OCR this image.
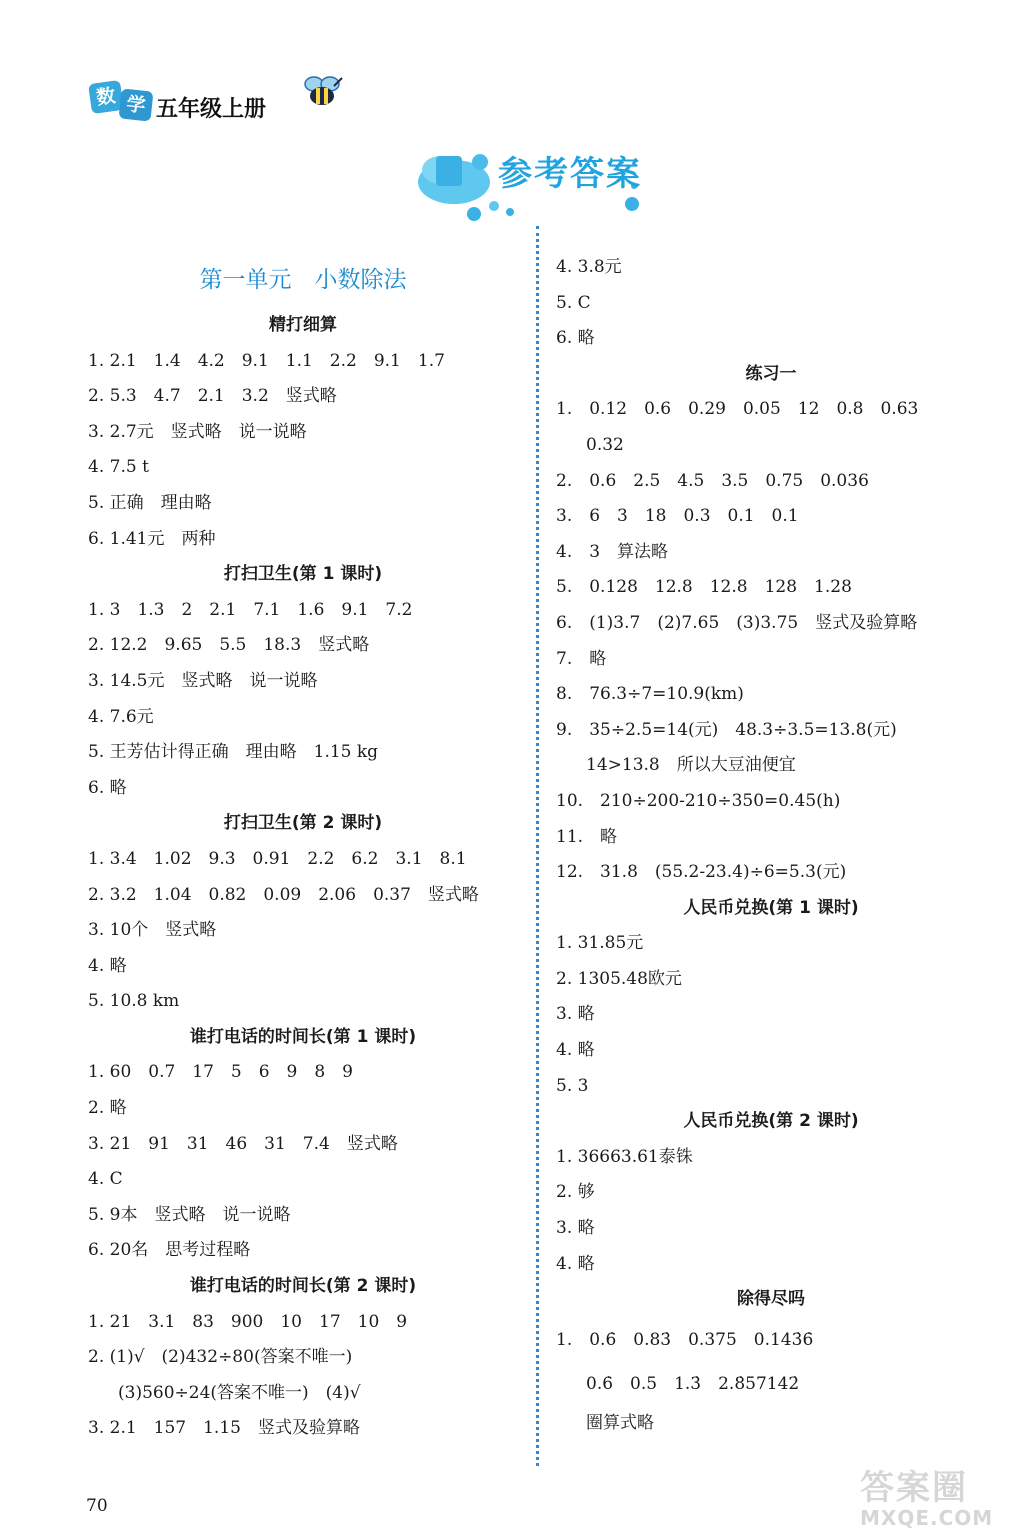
数 学 五年级上册
参考答案
第一单元　小数除法
精打细算
1. 2.1　1.4　4.2　9.1　1.1　2.2　9.1　1.7
2. 5.3　4.7　2.1　3.2　竖式略
3. 2.7元　竖式略　说一说略
4. 7.5 t
5. 正确　理由略
6. 1.41元　两种
打扫卫生(第 1 课时)
1. 3　1.3　2　2.1　7.1　1.6　9.1　7.2
2. 12.2　9.65　5.5　18.3　竖式略
3. 14.5元　竖式略　说一说略
4. 7.6元
5. 王芳估计得正确　理由略　1.15 kg
6. 略
打扫卫生(第 2 课时)
1. 3.4　1.02　9.3　0.91　2.2　6.2　3.1　8.1
2. 3.2　1.04　0.82　0.09　2.06　0.37　竖式略
3. 10个　竖式略
4. 略
5. 10.8 km
谁打电话的时间长(第 1 课时)
1. 60　0.7　17　5　6　9　8　9
2. 略
3. 21　91　31　46　31　7.4　竖式略
4. C
5. 9本　竖式略　说一说略
6. 20名　思考过程略
谁打电话的时间长(第 2 课时)
1. 21　3.1　83　900　10　17　10　9
2. (1)√　(2)432÷80(答案不唯一)
(3)560÷24(答案不唯一)　(4)√
3. 2.1　157　1.15　竖式及验算略
4. 3.8元
5. C
6. 略
练习一
1.　0.12　0.6　0.29　0.05　12　0.8　0.63
0.32
2.　0.6　2.5　4.5　3.5　0.75　0.036
3.　6　3　18　0.3　0.1　0.1
4.　3　算法略
5.　0.128　12.8　12.8　128　1.28
6.　(1)3.7　(2)7.65　(3)3.75　竖式及验算略
7.　略
8.　76.3÷7=10.9(km)
9.　35÷2.5=14(元)　48.3÷3.5=13.8(元)
14>13.8　所以大豆油便宜
10.　210÷200-210÷350=0.45(h)
11.　略
12.　31.8　(55.2-23.4)÷6=5.3(元)
人民币兑换(第 1 课时)
1. 31.85元
2. 1305.48欧元
3. 略
4. 略
5. 3
人民币兑换(第 2 课时)
1. 36663.61泰铢
2. 够
3. 略
4. 略
除得尽吗
1.　0.6̇　0.83̇　0.375　0.143̇6̇
0.6̇　0.5　1.3̇　2.8̇57142̇
圈算式略
70	答案圈
MXQE.COM
